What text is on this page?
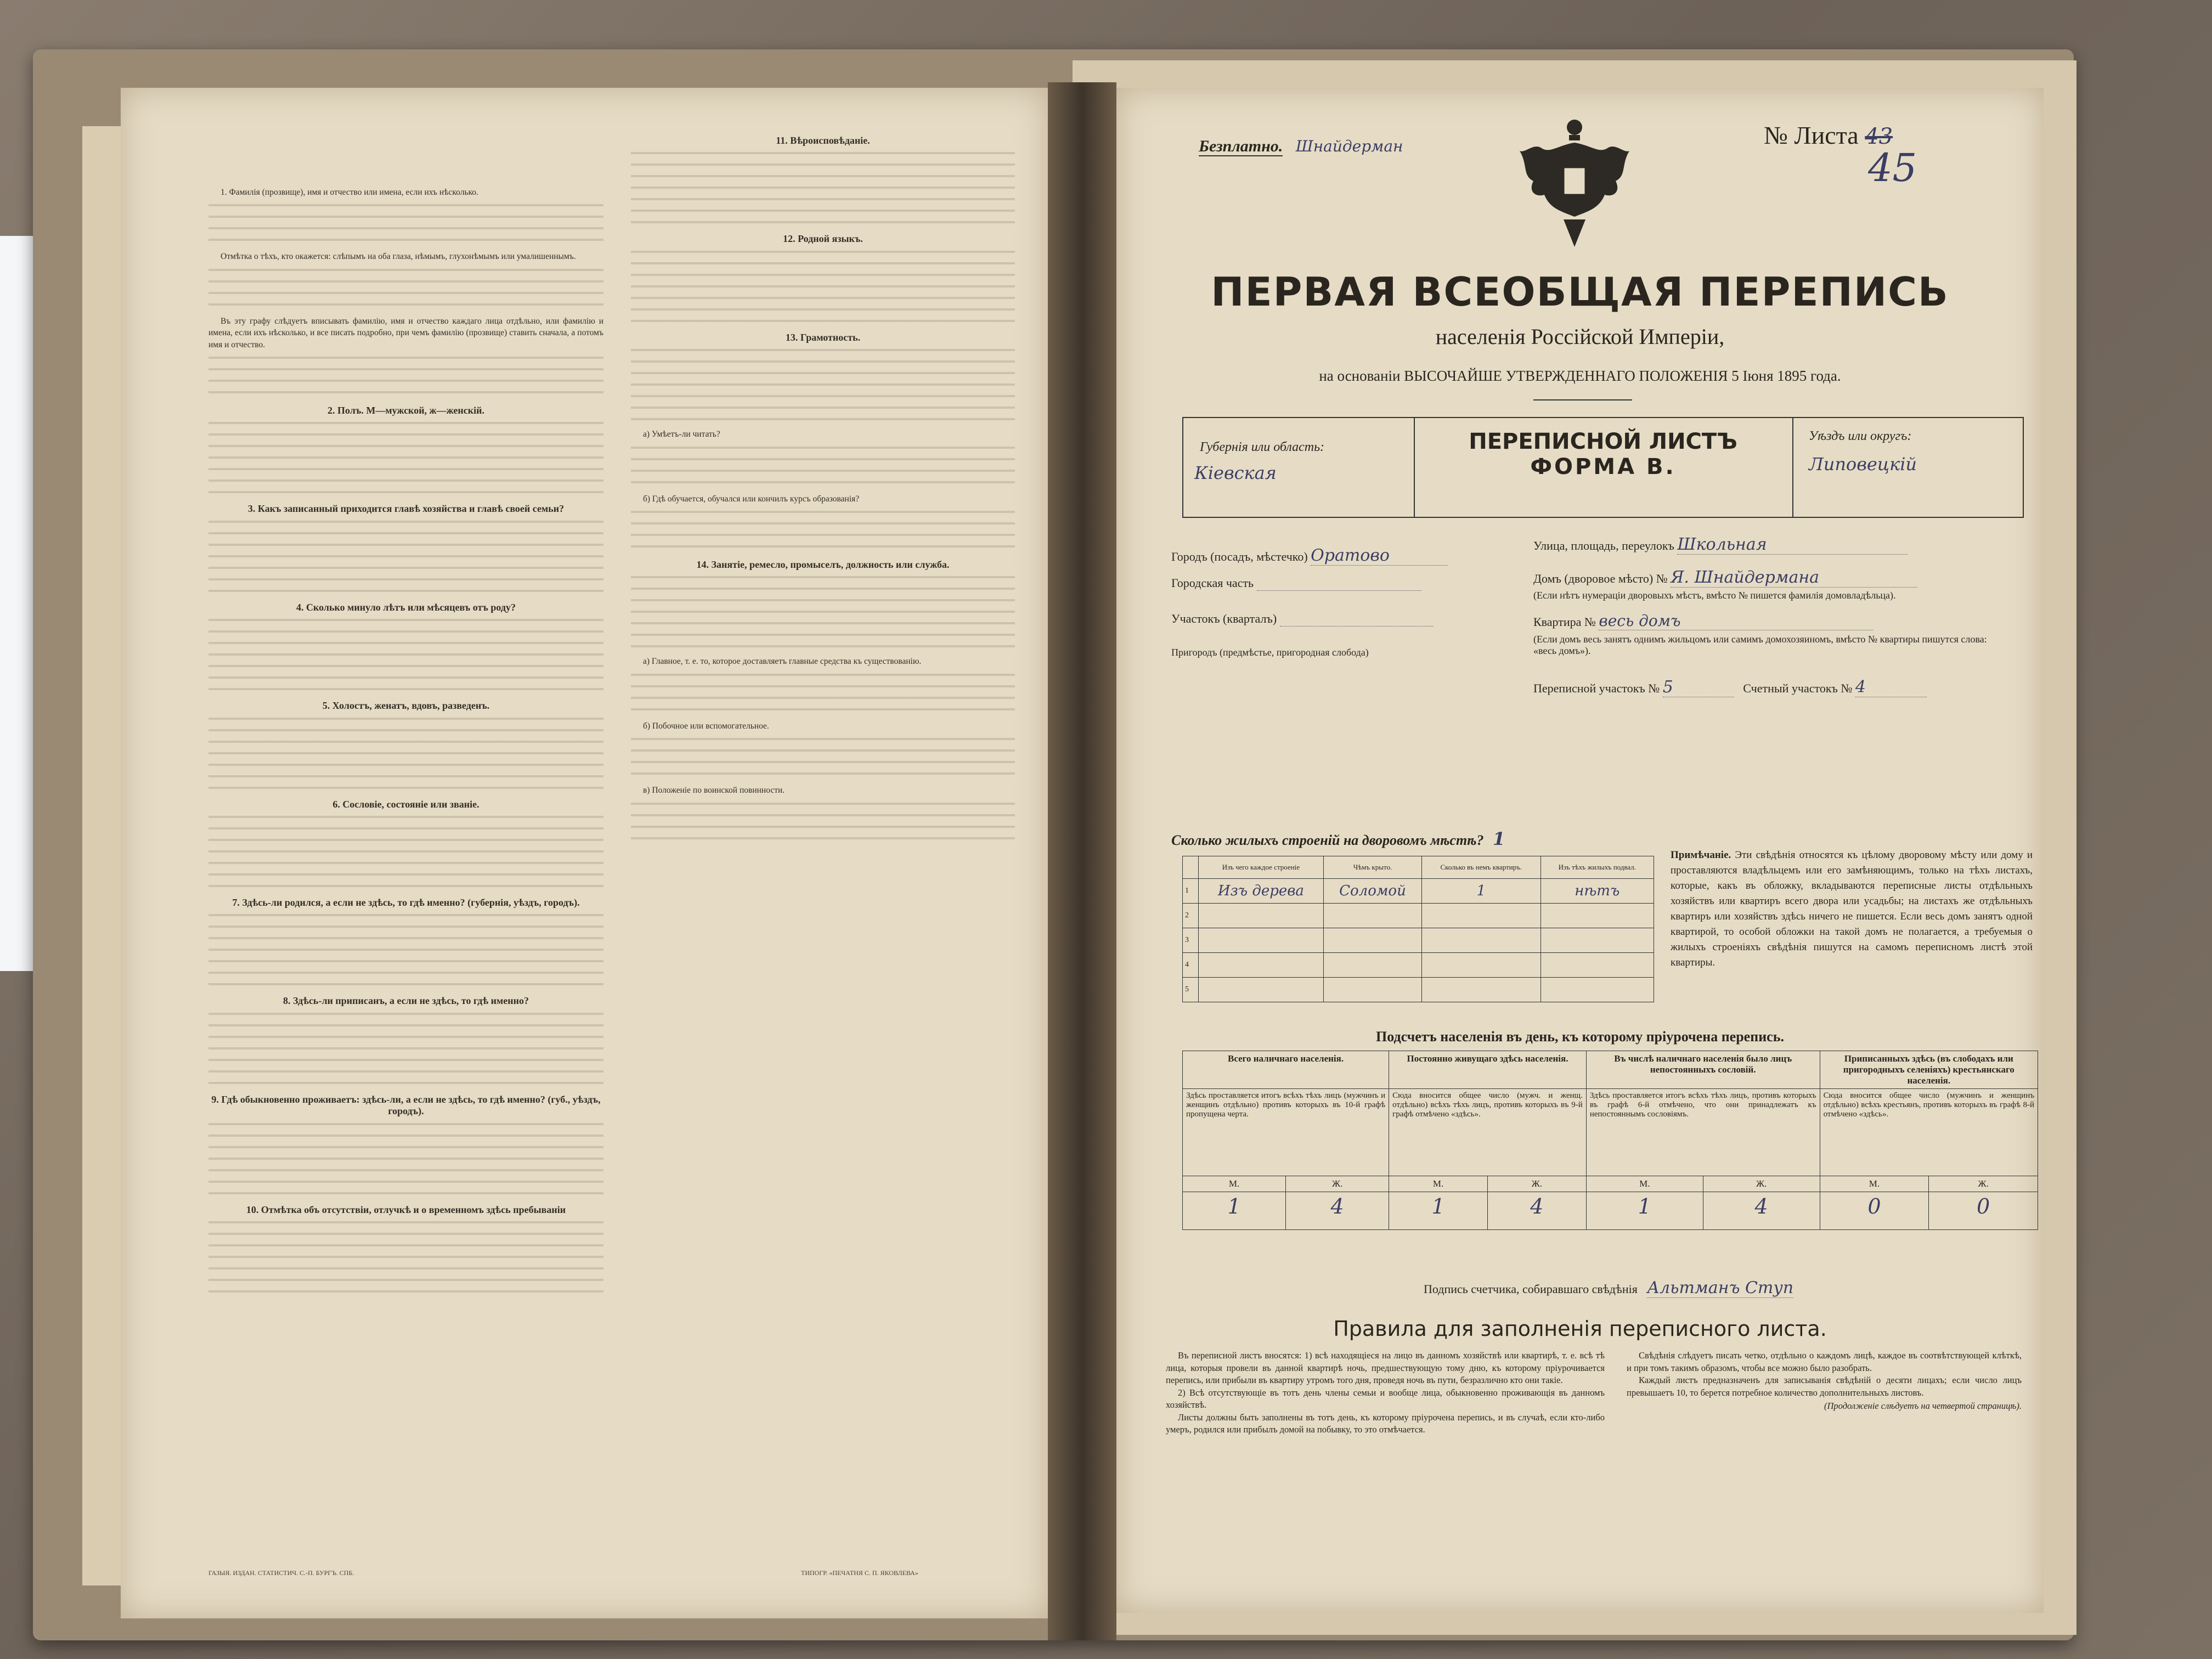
1. Фамилія (прозвище), имя и отчество или имена, если ихъ нѣсколько.

Отмѣтка о тѣхъ, кто окажется: слѣпымъ на оба глаза, нѣмымъ, глухонѣмымъ или умалишеннымъ.

Въ эту графу слѣдуетъ вписывать фамилію, имя и отчество каждаго лица отдѣльно, или фамилію и имена, если ихъ нѣсколько, и все писать подробно, при чемъ фамилію (прозвище) ставить сначала, а потомъ имя и отчество.

2. Полъ. М—мужской, ж—женскій.

3. Какъ записанный приходится главѣ хозяйства и главѣ своей семьи?

4. Сколько минуло лѣтъ или мѣсяцевъ отъ роду?

5. Холостъ, женатъ, вдовъ, разведенъ.

6. Сословіе, состояніе или званіе.

7. Здѣсь-ли родился, а если не здѣсь, то гдѣ именно? (губернія, уѣздъ, городъ).

8. Здѣсь-ли приписанъ, а если не здѣсь, то гдѣ именно?

9. Гдѣ обыкновенно проживаетъ: здѣсь-ли, а если не здѣсь, то гдѣ именно? (губ., уѣздъ, городъ).

10. Отмѣтка объ отсутствіи, отлучкѣ и о временномъ здѣсь пребываніи

11. Вѣроисповѣданіе.

12. Родной языкъ.

13. Грамотность.

а) Умѣетъ-ли читать?

б) Гдѣ обучается, обучался или кончилъ курсъ образованія?

14. Занятіе, ремесло, промыселъ, должность или служба.

а) Главное, т. е. то, которое доставляетъ главные средства къ существованію.

б) Побочное или вспомогательное.

в) Положеніе по воинской повинности.

ГАЗЫЯ. ИЗДАН. СТАТИСТИЧ. С.-П. БУРГЪ. СПБ.	ТИПОГР. «ПЕЧАТНЯ С. П. ЯКОВЛЕВА»
Безплатно. Шнайдерман	№ Листа 43
45
ПЕРВАЯ ВСЕОБЩАЯ ПЕРЕПИСЬ
населенія Россійской Имперіи,
на основаніи ВЫСОЧАЙШЕ УТВЕРЖДЕННАГО ПОЛОЖЕНІЯ 5 Іюня 1895 года.
Губернія или область:
Кіевская
ПЕРЕПИСНОЙ ЛИСТЪ
ФОРМА В.
Уѣздъ или округъ:
Липовецкій
Городъ (посадъ, мѣстечко) Оратово
Городская часть
Участокъ (кварталъ)
Пригородъ (предмѣстье, пригородная слобода)
Улица, площадь, переулокъ Школьная
Домъ (дворовое мѣсто) № Я. Шнайдермана
(Если нѣтъ нумераціи дворовыхъ мѣстъ, вмѣсто № пишется фамилія домовладѣльца).
Квартира № весь домъ
(Если домъ весь занятъ однимъ жильцомъ или самимъ домохозяиномъ, вмѣсто № квартиры пишутся слова: «весь домъ»).
Переписной участокъ № 5	Счетный участокъ № 4
Сколько жилыхъ строеній на дворовомъ мѣстѣ? 1
	Изъ чего каждое строеніе	Чѣмъ крыто.	Сколько въ немъ квартиръ.	Изъ тѣхъ жилыхъ подвал.
1	Изъ дерева	Соломой	1	нѣтъ
2				
3				
4				
5				
Примѣчаніе. Эти свѣдѣнія относятся къ цѣлому дворовому мѣсту или дому и проставляются владѣльцемъ или его замѣняющимъ, только на тѣхъ листахъ, которые, какъ въ обложку, вкладываются переписные листы отдѣльныхъ хозяйствъ или квартиръ всего двора или усадьбы; на листахъ же отдѣльныхъ квартиръ или хозяйствъ здѣсь ничего не пишется. Если весь домъ занятъ одной квартирой, то особой обложки на такой домъ не полагается, а требуемыя о жилыхъ строеніяхъ свѣдѣнія пишутся на самомъ переписномъ листѣ этой квартиры.
Подсчетъ населенія въ день, къ которому пріурочена перепись.
Всего наличнаго населенія.		Постоянно живущаго здѣсь населенія.		Въ числѣ наличнаго населенія было лицъ непостоянныхъ сословій.		Приписанныхъ здѣсь (въ слободахъ или пригородныхъ селеніяхъ) крестьянскаго населенія.	
Здѣсь проставляется итогъ всѣхъ тѣхъ лицъ (мужчинъ и женщинъ отдѣльно) противъ которыхъ въ 10-й графѣ пропущена черта.		Сюда вносится общее число (мужч. и женщ. отдѣльно) всѣхъ тѣхъ лицъ, противъ которыхъ въ 9-й графѣ отмѣчено «здѣсь».		Здѣсь проставляется итогъ всѣхъ тѣхъ лицъ, противъ которыхъ въ графѣ 6-й отмѣчено, что они принадлежатъ къ непостояннымъ сословіямъ.		Сюда вносится общее число (мужчинъ и женщинъ отдѣльно) всѣхъ крестьянъ, противъ которыхъ въ графѣ 8-й отмѣчено «здѣсь».	
М.	Ж.	М.	Ж.	М.	Ж.	М.	Ж.
1	4	1	4	1	4	0	0
Подпись счетчика, собиравшаго свѣдѣнія Альтманъ Ступ
Правила для заполненія переписного листа.

Въ переписной листъ вносятся: 1) всѣ находящіеся на лицо въ данномъ хозяйствѣ или квартирѣ, т. е. всѣ тѣ лица, которыя провели въ данной квартирѣ ночь, предшествующую тому дню, къ которому пріурочивается перепись, или прибыли въ квартиру утромъ того дня, проведя ночь въ пути, безразлично кто они такіе.

2) Всѣ отсутствующіе въ тотъ день члены семьи и вообще лица, обыкновенно проживающія въ данномъ хозяйствѣ.

Листы должны быть заполнены въ тотъ день, къ которому пріурочена перепись, и въ случаѣ, если кто-либо умеръ, родился или прибылъ домой на побывку, то это отмѣчается.

Свѣдѣнія слѣдуетъ писать четко, отдѣльно о каждомъ лицѣ, каждое въ соотвѣтствующей клѣткѣ, и при томъ такимъ образомъ, чтобы все можно было разобрать.

Каждый листъ предназначенъ для записыванія свѣдѣній о десяти лицахъ; если число лицъ превышаетъ 10, то берется потребное количество дополнительныхъ листовъ.

(Продолженіе слѣдуетъ на четвертой страницѣ).
